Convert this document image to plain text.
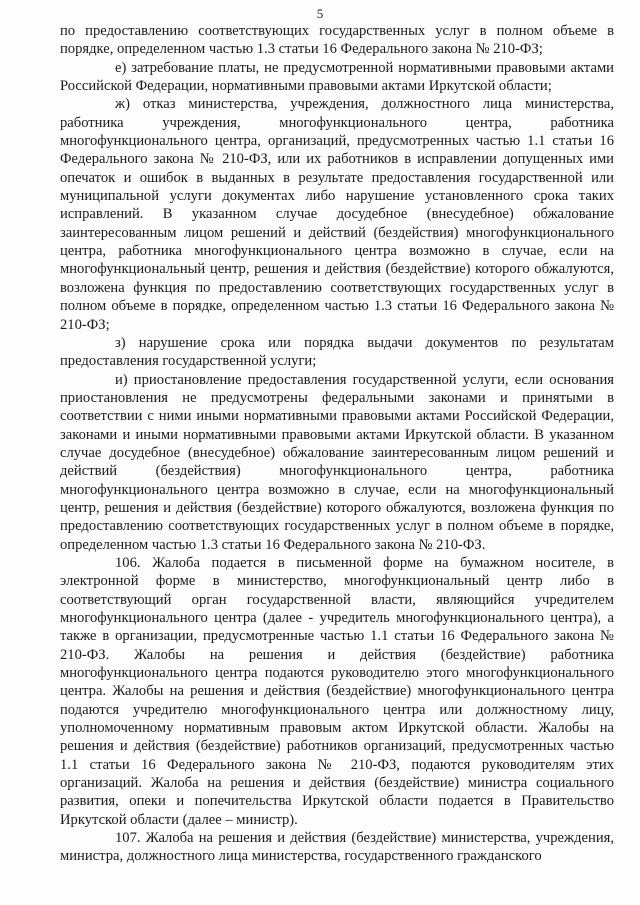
5

по предоставлению соответствующих государственных услуг в полном объеме в порядке, определенном частью 1.3 статьи 16 Федерального закона № 210-ФЗ;

е) затребование платы, не предусмотренной нормативными правовыми актами Российской Федерации, нормативными правовыми актами Иркутской области;

ж) отказ министерства, учреждения, должностного лица министерства, работника учреждения, многофункционального центра, работника многофункционального центра, организаций, предусмотренных частью 1.1 статьи 16 Федерального закона № 210-ФЗ, или их работников в исправлении допущенных ими опечаток и ошибок в выданных в результате предоставления государственной или муниципальной услуги документах либо нарушение установленного срока таких исправлений. В указанном случае досудебное (внесудебное) обжалование заинтересованным лицом решений и действий (бездействия) многофункционального центра, работника многофункционального центра возможно в случае, если на многофункциональный центр, решения и действия (бездействие) которого обжалуются, возложена функция по предоставлению соответствующих государственных услуг в полном объеме в порядке, определенном частью 1.3 статьи 16 Федерального закона № 210-ФЗ;

з) нарушение срока или порядка выдачи документов по результатам предоставления государственной услуги;

и) приостановление предоставления государственной услуги, если основания приостановления не предусмотрены федеральными законами и принятыми в соответствии с ними иными нормативными правовыми актами Российской Федерации, законами и иными нормативными правовыми актами Иркутской области. В указанном случае досудебное (внесудебное) обжалование заинтересованным лицом решений и действий (бездействия) многофункционального центра, работника многофункционального центра возможно в случае, если на многофункциональный центр, решения и действия (бездействие) которого обжалуются, возложена функция по предоставлению соответствующих государственных услуг в полном объеме в порядке, определенном частью 1.3 статьи 16 Федерального закона № 210-ФЗ.

106. Жалоба подается в письменной форме на бумажном носителе, в электронной форме в министерство, многофункциональный центр либо в соответствующий орган государственной власти, являющийся учредителем многофункционального центра (далее - учредитель многофункционального центра), а также в организации, предусмотренные частью 1.1 статьи 16 Федерального закона № 210-ФЗ. Жалобы на решения и действия (бездействие) работника многофункционального центра подаются руководителю этого многофункционального центра. Жалобы на решения и действия (бездействие) многофункционального центра подаются учредителю многофункционального центра или должностному лицу, уполномоченному нормативным правовым актом Иркутской области. Жалобы на решения и действия (бездействие) работников организаций, предусмотренных частью 1.1 статьи 16 Федерального закона № 210-ФЗ, подаются руководителям этих организаций. Жалоба на решения и действия (бездействие) министра социального развития, опеки и попечительства Иркутской области подается в Правительство Иркутской области (далее – министр).

107. Жалоба на решения и действия (бездействие) министерства, учреждения, министра, должностного лица министерства, государственного гражданского
